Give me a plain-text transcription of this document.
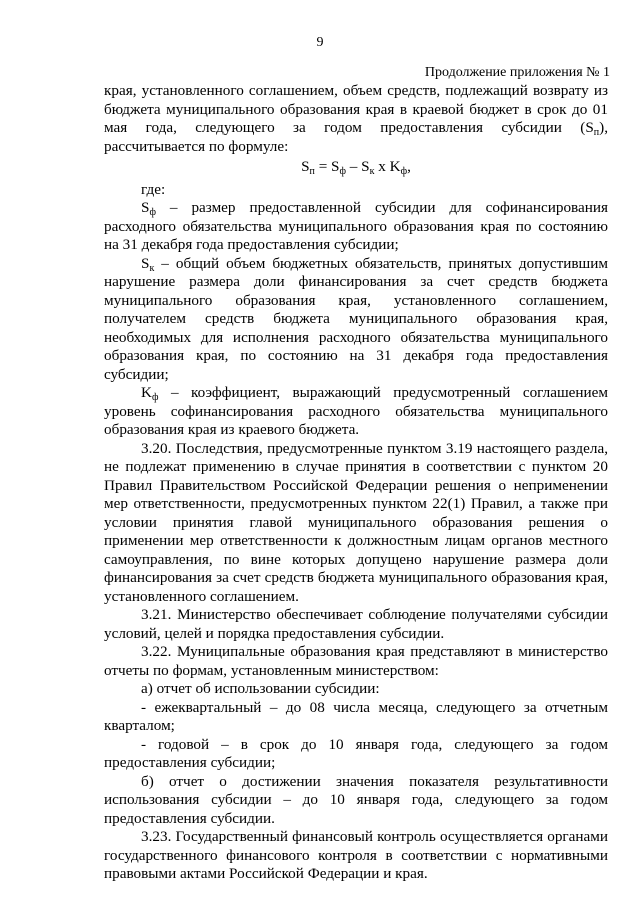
9
Продолжение приложения № 1

края, установленного соглашением, объем средств, подлежащий возврату из бюджета муниципального образования края в краевой бюджет в срок до 01 мая года, следующего за годом предоставления субсидии $(S_п)$, рассчитывается по формуле:

$S_п = S_ф - S_к$ x $K_ф$,

где:

$S_ф$ – размер предоставленной субсидии для софинансирования расходного обязательства муниципального образования края по состоянию на 31 декабря года предоставления субсидии;

$S_к$ – общий объем бюджетных обязательств, принятых допустившим нарушение размера доли финансирования за счет средств бюджета муниципального образования края, установленного соглашением, получателем средств бюджета муниципального образования края, необходимых для исполнения расходного обязательства муниципального образования края, по состоянию на 31 декабря года предоставления субсидии;

$K_ф$ – коэффициент, выражающий предусмотренный соглашением уровень софинансирования расходного обязательства муниципального образования края из краевого бюджета.

3.20. Последствия, предусмотренные пунктом 3.19 настоящего раздела, не подлежат применению в случае принятия в соответствии с пунктом 20 Правил Правительством Российской Федерации решения о неприменении мер ответственности, предусмотренных пунктом 22(1) Правил, а также при условии принятия главой муниципального образования решения о применении мер ответственности к должностным лицам органов местного самоуправления, по вине которых допущено нарушение размера доли финансирования за счет средств бюджета муниципального образования края, установленного соглашением.

3.21. Министерство обеспечивает соблюдение получателями субсидии условий, целей и порядка предоставления субсидии.

3.22. Муниципальные образования края представляют в министерство отчеты по формам, установленным министерством:

а) отчет об использовании субсидии:

- ежеквартальный – до 08 числа месяца, следующего за отчетным кварталом;

- годовой – в срок до 10 января года, следующего за годом предоставления субсидии;

б) отчет о достижении значения показателя результативности использования субсидии – до 10 января года, следующего за годом предоставления субсидии.

3.23. Государственный финансовый контроль осуществляется органами государственного финансового контроля в соответствии с нормативными правовыми актами Российской Федерации и края.
